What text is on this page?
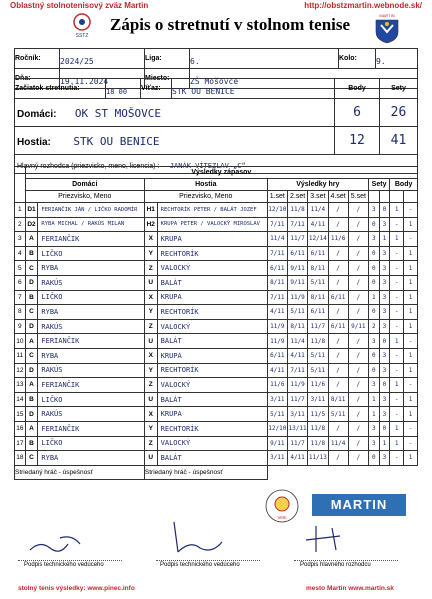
Oblastný stolnotenisový zväz Martin	http://obstzmartin.webnode.sk/
SSTZ
Zápis o stretnutí v stolnom tenise	MARTIN
Ročník:	2024/25	Liga:	6.	Kolo:	9.
Dňa:	19.11.2024	Miesto:	ZŠ Mošovce		
Začiatok stretnutia:	18 00	Víťaz:	STK OU BENICE	Body	Sety
Domáci: OK ST MOŠOVCE				6	26
Hostia: STK OU BENICE				12	41
Hlavný rozhodca (priezvisko, meno, licencia) : JANÁK VÍTEZLAV „C“					
	Výsledky zápasov												
	Domáci		Hostia		Výsledky hry					Sety		Body	
	Priezvisko, Meno		Priezvisko, Meno		1.set	2.set	3.set	4.set	5.set				
1	D1	FERIANČIK JÁN / LIČKO RADOMÍR	H1	RECHTORÍK PETER / BALÁT JOZEF	12/10	11/8	11/4	/	/	3	0	1	-
2	D2	RYBA MICHAL / RAKÚS MILAN	H2	KRUPA PETER / VALOCKÝ MIROSLAV	7/11	7/11	4/11	/	/	0	3	-	1
3	A	FERIANČIK	X	KRUPA	11/4	11/7	12/14	11/6	/	3	1	1	-
4	B	LIČKO	Y	RECHTORÍK	7/11	6/11	6/11	/	/	0	3	-	1
5	C	RYBA	Z	VALOCKÝ	6/11	9/11	8/11	/	/	0	3	-	1
6	D	RAKÚS	U	BALÁT	8/11	9/11	5/11	/	/	0	3	-	1
7	B	LIČKO	X	KRUPA	7/11	11/9	8/11	6/11	/	1	3	-	1
8	C	RYBA	Y	RECHTORÍK	4/11	5/11	6/11	/	/	0	3	-	1
9	D	RAKÚS	Z	VALOCKÝ	11/9	8/11	11/7	6/11	9/11	2	3	-	1
10	A	FERIANČIK	U	BALÁT	11/9	11/4	11/8	/	/	3	0	1	-
11	C	RYBA	X	KRUPA	6/11	4/11	5/11	/	/	0	3	-	1
12	D	RAKÚS	Y	RECHTORÍK	4/11	7/11	5/11	/	/	0	3	-	1
13	A	FERIANČIK	Z	VALOCKÝ	11/6	11/9	11/6	/	/	3	0	1	-
14	B	LIČKO	U	BALÁT	3/11	11/7	3/11	8/11	/	1	3	-	1
15	D	RAKÚS	X	KRUPA	5/11	3/11	11/5	5/11	/	1	3	-	1
16	A	FERIANČIK	Y	RECHTORÍK	12/10	13/11	11/8	/	/	3	0	1	-
17	B	LIČKO	Z	VALOCKÝ	9/11	11/7	11/8	11/4	/	3	1	1	-
18	C	RYBA	U	BALÁT	3/11	4/11	11/13	/	/	0	3	-	1
Striedaný hráč - úspešnosť			Striedaný hráč - úspešnosť										
Verti
MARTIN
Podpis technického vedúceho	Podpis technického vedúceho	Podpis hlavného rozhodcu
stolný tenis výsledky: www.pinec.info	mesto Martin www.martin.sk
